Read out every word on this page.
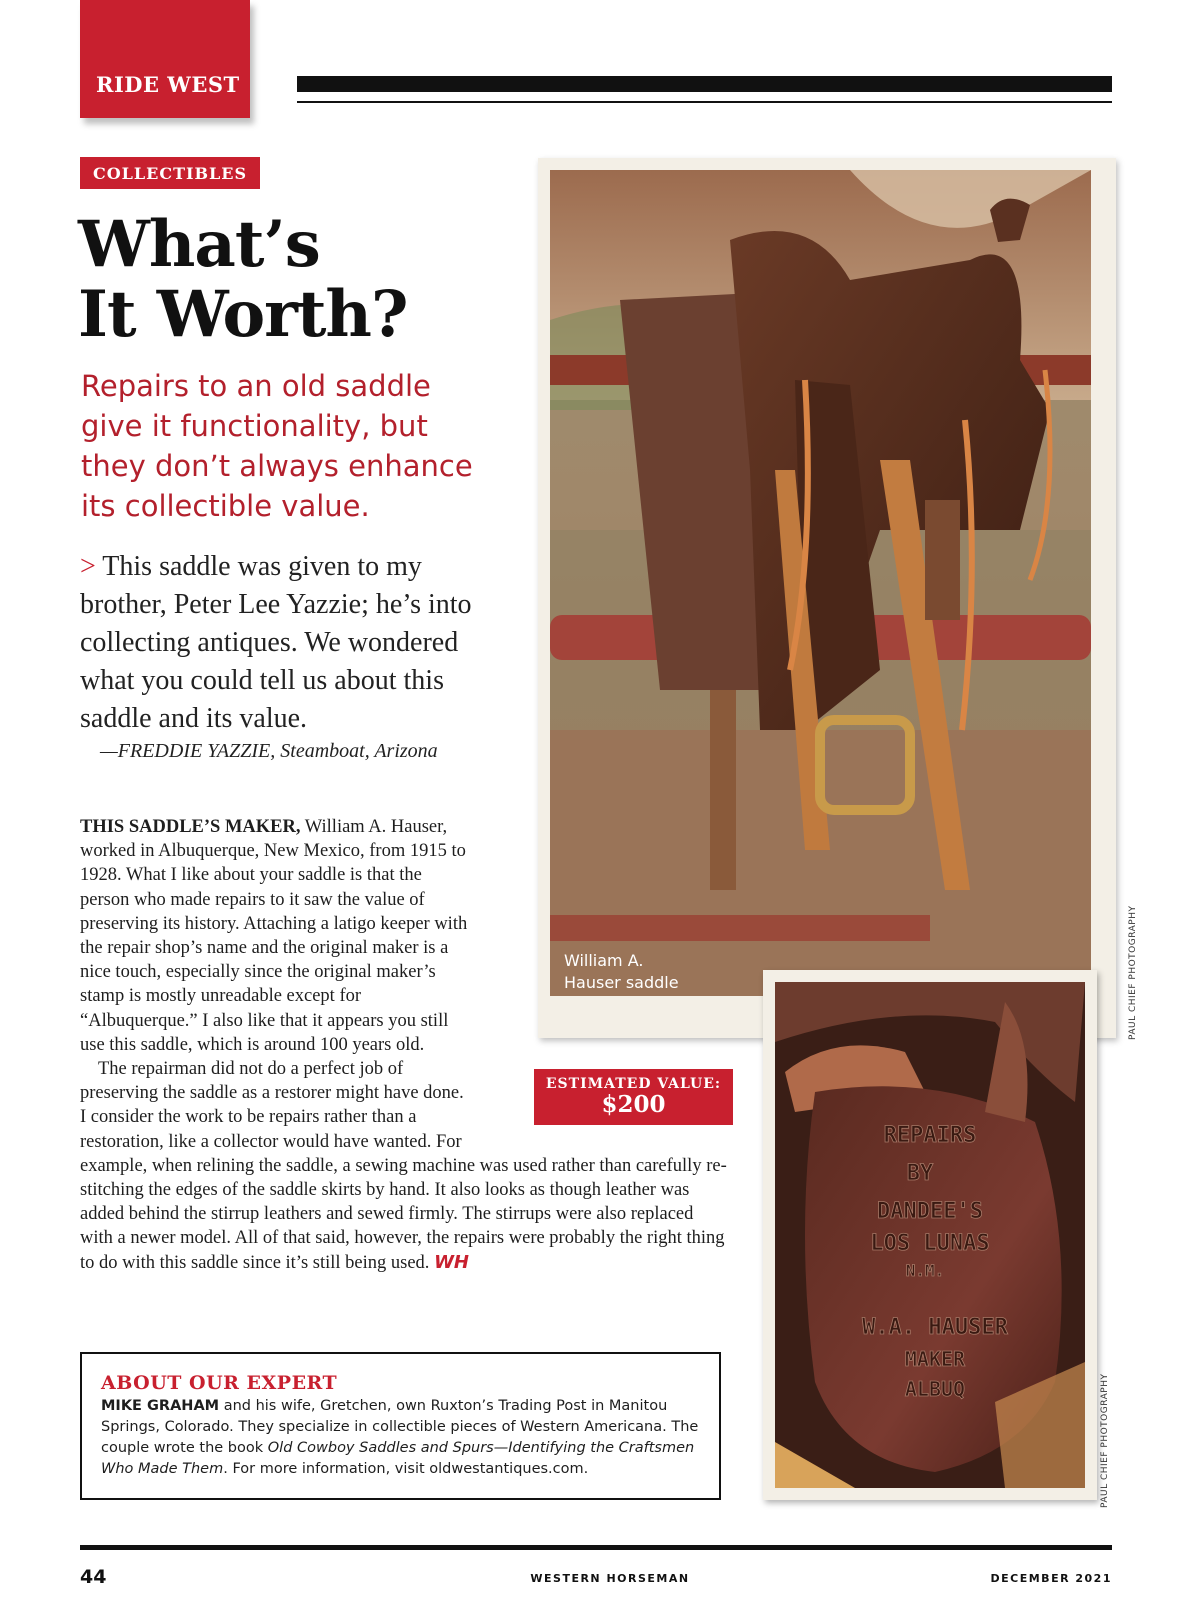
RIDE WEST
COLLECTIBLES
What’s
It Worth?
Repairs to an old saddle give it functionality, but they don’t always enhance its collectible value.
> This saddle was given to my brother, Peter Lee Yazzie; he’s into collecting antiques. We wondered what you could tell us about this saddle and its value.
—FREDDIE YAZZIE, Steamboat, Arizona

THIS SADDLE’S MAKER, William A. Hauser, worked in Albuquerque, New Mexico, from 1915 to 1928. What I like about your saddle is that the person who made repairs to it saw the value of preserving its history. Attaching a latigo keeper with the repair shop’s name and the original maker is a nice touch, especially since the original maker’s stamp is mostly unreadable except for “Albuquerque.” I also like that it appears you still use this saddle, which is around 100 years old.

The repairman did not do a perfect job of preserving the saddle as a restorer might have done. I consider the work to be repairs rather than a restoration, like a collector would have wanted. For example, when relining the saddle, a sewing machine was used rather than carefully re-stitching the edges of the saddle skirts by hand. It also looks as though leather was added behind the stirrup leathers and sewed firmly. The stirrups were also replaced with a newer model. All of that said, however, the repairs were probably the right thing to do with this saddle since it’s still being used. WH

William A.
Hauser saddle	PAUL CHIEF PHOTOGRAPHY
REPAIRS
BY
DANDEE'S
LOS LUNAS
N.M.
W.A. HAUSER
MAKER
ALBUQ	PAUL CHIEF PHOTOGRAPHY
ESTIMATED VALUE:
$200
ABOUT OUR EXPERT
MIKE GRAHAM and his wife, Gretchen, own Ruxton’s Trading Post in Manitou Springs, Colorado. They specialize in collectible pieces of Western Americana. The couple wrote the book Old Cowboy Saddles and Spurs—Identifying the Craftsmen Who Made Them. For more information, visit oldwestantiques.com.
44	WESTERN HORSEMAN	DECEMBER 2021
